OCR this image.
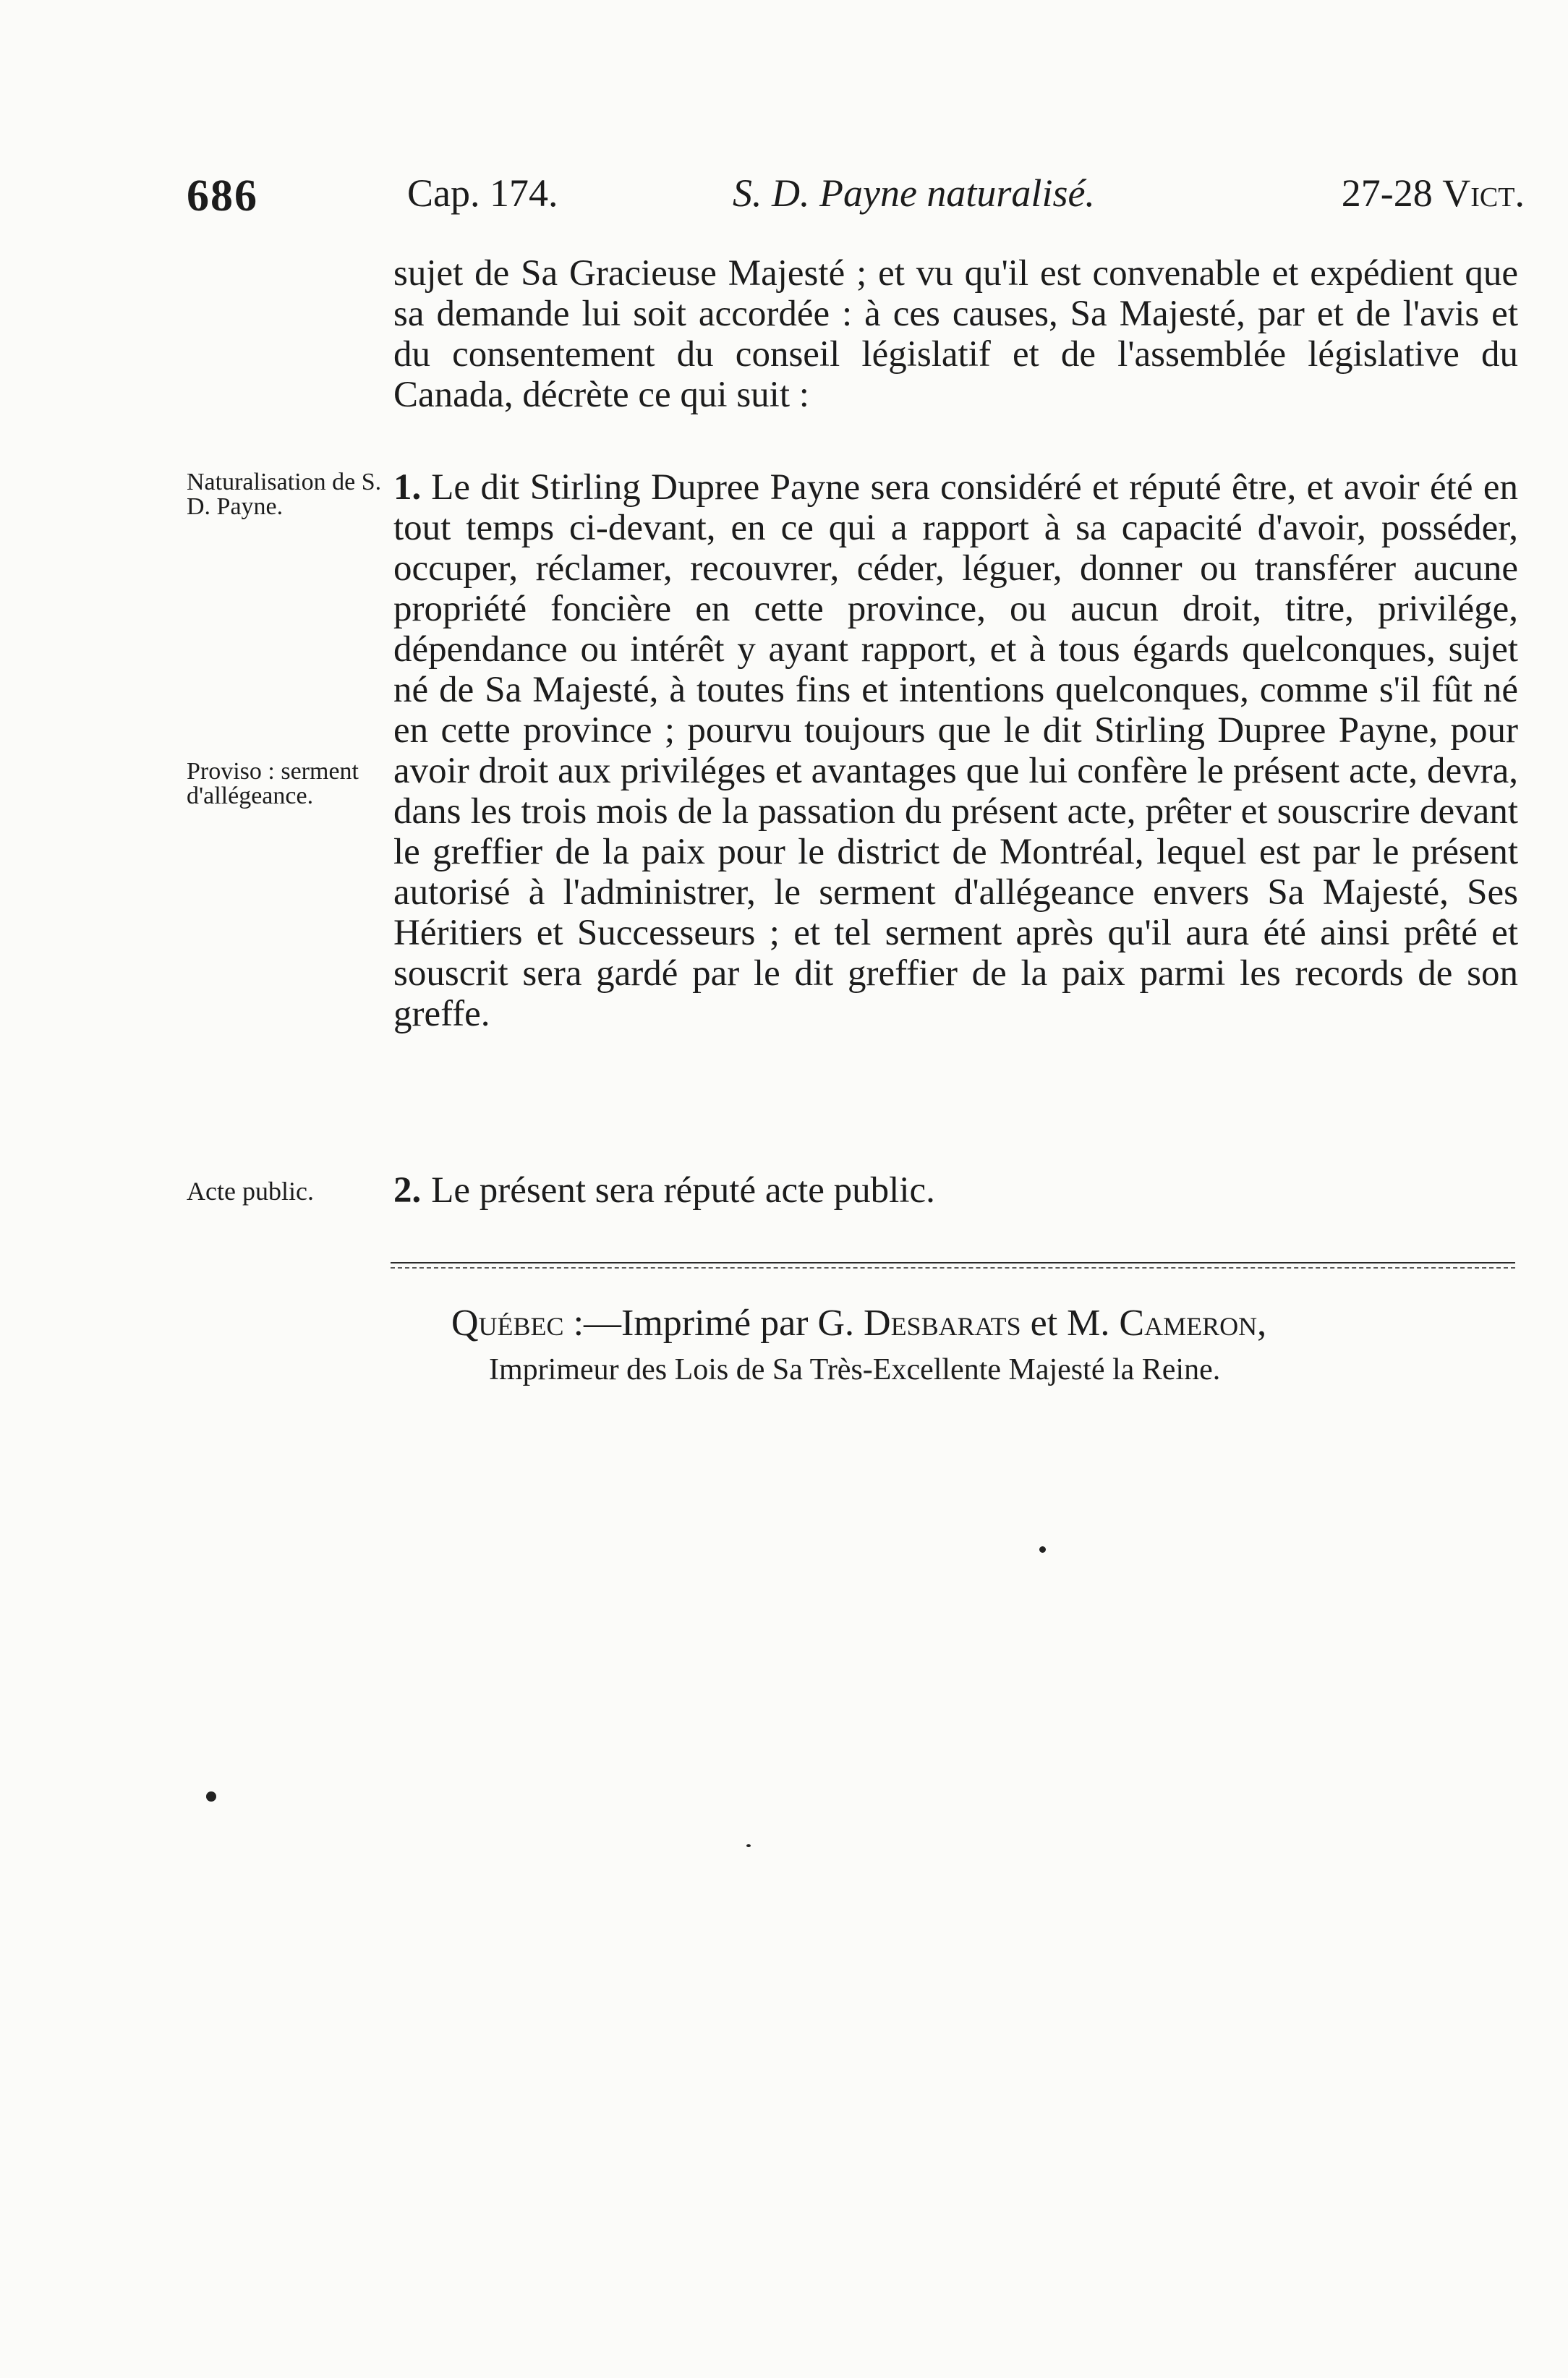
686	Cap. 174.	S. D. Payne naturalisé.	27-28 Vict.
sujet de Sa Gracieuse Majesté ; et vu qu'il est convenable et expédient que sa demande lui soit accordée : à ces causes, Sa Majesté, par et de l'avis et du consentement du conseil législatif et de l'assemblée législative du Canada, décrète ce qui suit :
Naturalisation de S. D. Payne.
Proviso : serment d'allégeance.
Acte public.
1. Le dit Stirling Dupree Payne sera considéré et réputé être, et avoir été en tout temps ci-devant, en ce qui a rapport à sa capacité d'avoir, posséder, occuper, réclamer, recouvrer, céder, léguer, donner ou transférer aucune propriété foncière en cette province, ou aucun droit, titre, privilége, dépendance ou intérêt y ayant rapport, et à tous égards quelconques, sujet né de Sa Majesté, à toutes fins et intentions quelconques, comme s'il fût né en cette province ; pourvu toujours que le dit Stirling Dupree Payne, pour avoir droit aux priviléges et avantages que lui confère le présent acte, devra, dans les trois mois de la passation du présent acte, prêter et souscrire devant le greffier de la paix pour le district de Montréal, lequel est par le présent autorisé à l'administrer, le serment d'allégeance envers Sa Majesté, Ses Héritiers et Successeurs ; et tel serment après qu'il aura été ainsi prêté et souscrit sera gardé par le dit greffier de la paix parmi les records de son greffe.
2. Le présent sera réputé acte public.
Québec :—Imprimé par G. Desbarats et M. Cameron,
Imprimeur des Lois de Sa Très-Excellente Majesté la Reine.
